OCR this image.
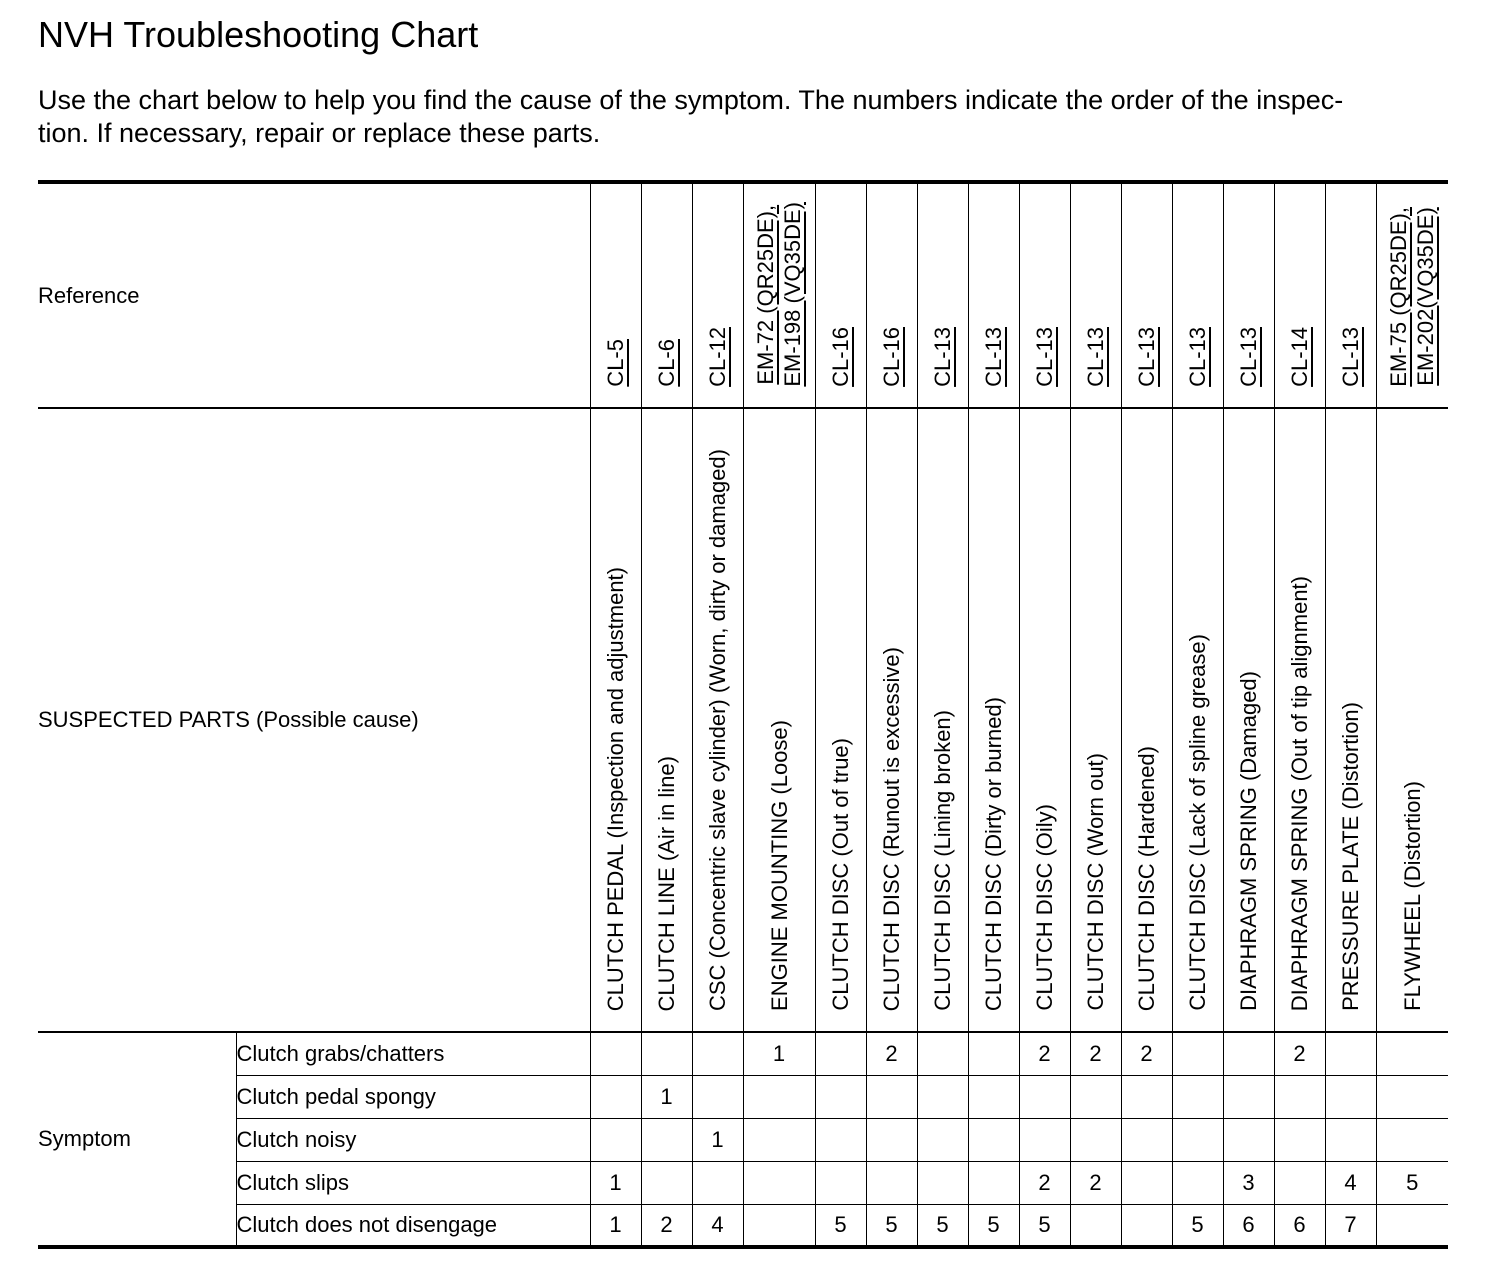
NVH Troubleshooting Chart
Use the chart below to help you find the cause of the symptom. The numbers indicate the order of the inspec-
tion. If necessary, repair or replace these parts.
Reference		CL-5	CL-6	CL-12	EM-72 (QR25DE), EM-198 (VQ35DE)	CL-16	CL-16	CL-13	CL-13	CL-13	CL-13	CL-13	CL-13	CL-13	CL-14	CL-13	EM-75 (QR25DE), EM-202(VQ35DE)

SUSPECTED PARTS (Possible cause)		CLUTCH PEDAL (Inspection and adjustment)	CLUTCH LINE (Air in line)	CSC (Concentric slave cylinder) (Worn, dirty or damaged)	ENGINE MOUNTING (Loose)	CLUTCH DISC (Out of true)	CLUTCH DISC (Runout is excessive)	CLUTCH DISC (Lining broken)	CLUTCH DISC (Dirty or burned)	CLUTCH DISC (Oily)	CLUTCH DISC (Worn out)	CLUTCH DISC (Hardened)	CLUTCH DISC (Lack of spline grease)	DIAPHRAGM SPRING (Damaged)	DIAPHRAGM SPRING (Out of tip alignment)	PRESSURE PLATE (Distortion)	FLYWHEEL (Distortion)
Symptom	Clutch grabs/chatters				1		2			2	2	2			2		
	Clutch pedal spongy		1														
	Clutch noisy			1													
	Clutch slips	1								2	2			3		4	5
	Clutch does not disengage	1	2	4		5	5	5	5	5			5	6	6	7	
